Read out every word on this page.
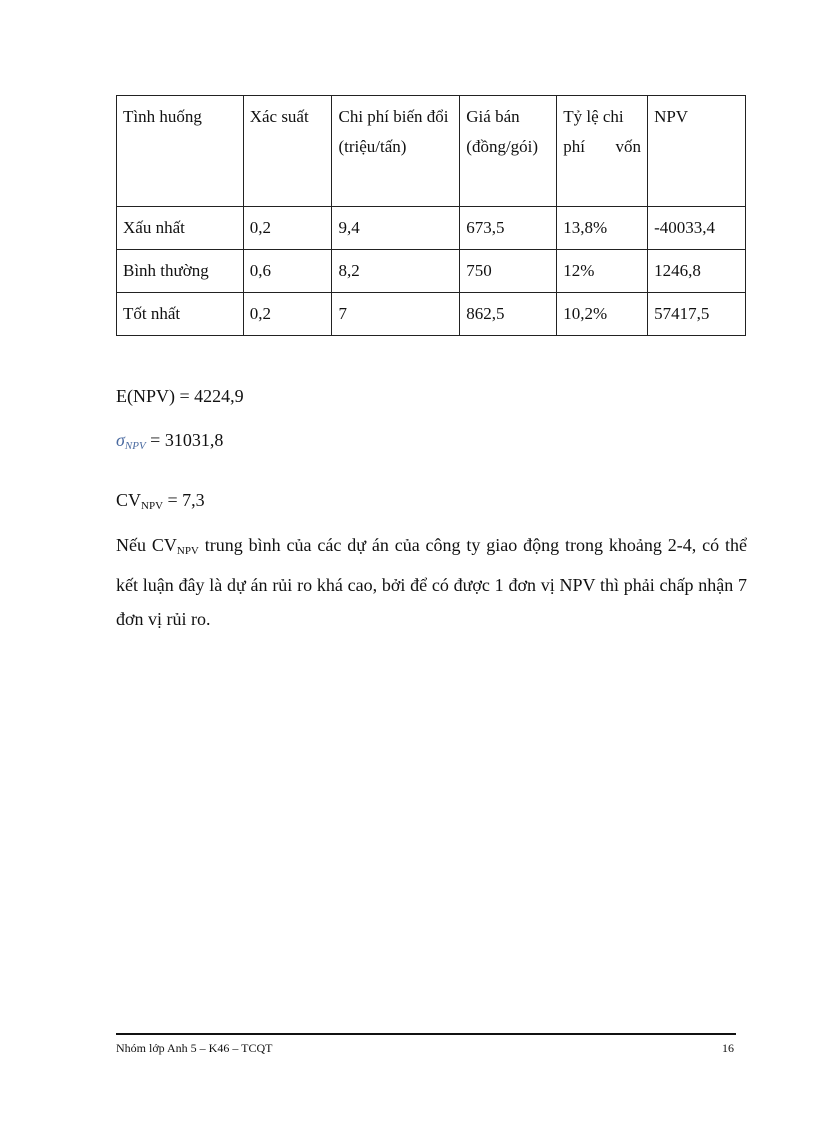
Tình huống	Xác suất	Chi phí biến đổi (triệu/tấn)	Giá bán (đồng/gói)	Tỷ lệ chi phí vốn	NPV
Xấu nhất	0,2	9,4	673,5	13,8%	-40033,4
Bình thường	0,6	8,2	750	12%	1246,8
Tốt nhất	0,2	7	862,5	10,2%	57417,5
E(NPV) = 4224,9
$\sigma_{NPV} = 31031,8$
$CV_{NPV} = 7,3$
Nếu $CV_{NPV}$ trung bình của các dự án của công ty giao động trong khoảng 2-4, có thể kết luận đây là dự án rủi ro khá cao, bởi để có được 1 đơn vị NPV thì phải chấp nhận 7 đơn vị rủi ro.
Nhóm lớp Anh 5 – K46 – TCQT	16
